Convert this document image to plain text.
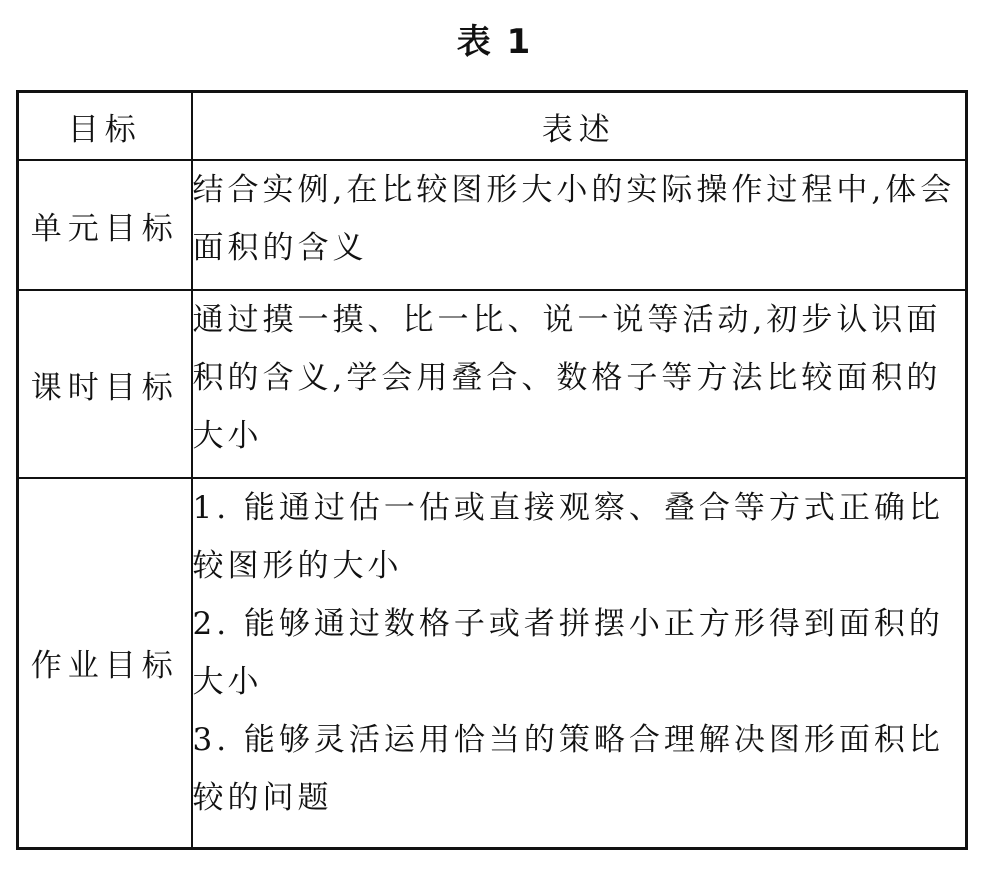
表 1
目标	表述
单元目标	结合实例,在比较图形大小的实际操作过程中,体会面积的含义

课时目标	通过摸一摸、比一比、说一说等活动,初步认识面积的含义,学会用叠合、数格子等方法比较面积的大小

作业目标	1. 能通过估一估或直接观察、叠合等方式正确比较图形的大小
2. 能够通过数格子或者拼摆小正方形得到面积的大小
3. 能够灵活运用恰当的策略合理解决图形面积比较的问题
